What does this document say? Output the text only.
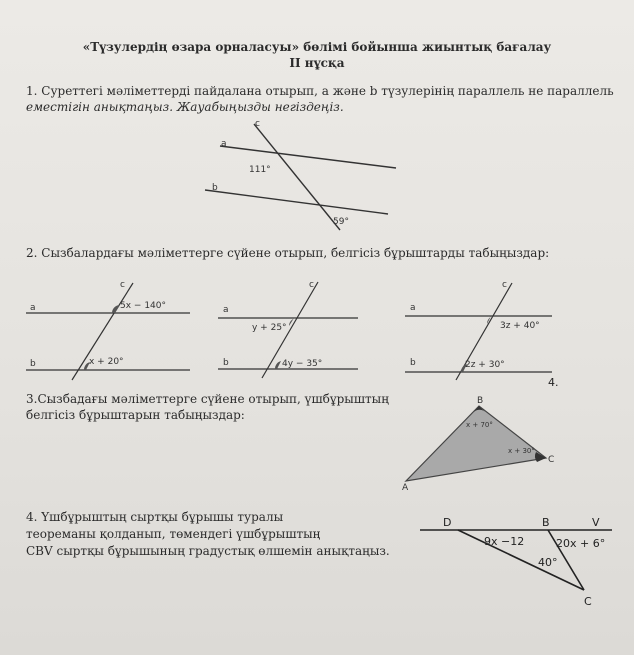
«Түзулердің өзара орналасуы» бөлімі бойынша жиынтық бағалау
II нұсқа
1. Суреттегі мәліметтерді пайдалана отырып, a және b түзулерінің параллель не параллель
еместігін анықтаңыз. Жауабыңызды негіздеңіз.
a
b
c
111°
59°
2. Сызбалардағы мәліметтерге сүйене отырып, белгісіз бұрыштарды табыңыздар:
a
b
c
5x − 140°
x + 20°
a
b
c
y + 25°
4y − 35°
a
b
c
3z + 40°
2z + 30°
4.
3.Сызбадағы мәліметтерге сүйене отырып, үшбұрыштың
белгісіз бұрыштарын табыңыздар:
B
A
C
x + 70°
x + 30°
4. Үшбұрыштың сыртқы бұрышы туралы
теореманы қолданып, төмендегі үшбұрыштың
CBV сыртқы бұрышының градустық өлшемін анықтаңыз.
D	B	V
C
9x −12	20x + 6°
40°
